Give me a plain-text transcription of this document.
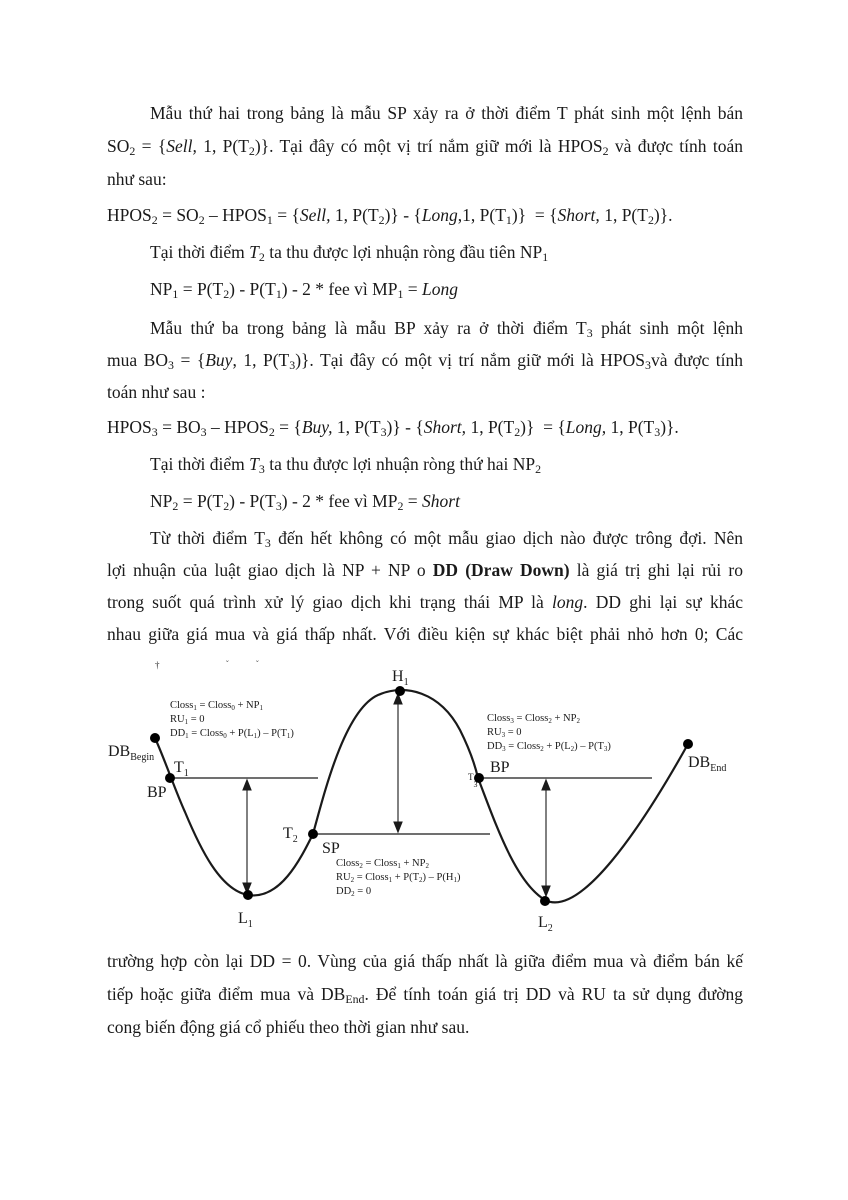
Mẫu thứ hai trong bảng là mẫu SP xảy ra ở thời điểm T phát sinh một lệnh bán
$SO_2$ = {Sell, 1, $P(T_2)$}. Tại đây có một vị trí nắm giữ mới là $HPOS_2$ và được tính toán
như sau:
$HPOS_2 = SO_2$ – $HPOS_1$ = {Sell, 1, $P(T_2)$} - {Long,1, $P(T_1)$}  = {Short, 1, $P(T_2)$}.
Tại thời điểm $T_2$ ta thu được lợi nhuận ròng đầu tiên $NP_1$
$NP_1 = P(T_2) - P(T_1) - 2$ * fee vì $MP_1$ = Long
Mẫu thứ ba trong bảng là mẫu BP xảy ra ở thời điểm $T_3$ phát sinh một lệnh
mua $BO_3 = \{Buy$, 1, $P(T_3)$}. Tại đây có một vị trí nắm giữ mới là $HPOS_3và$ được tính
toán như sau :
$HPOS_3 = BO_3$ – $HPOS_2 = \{Buy$, 1, $P(T_3)$} - {Short, 1, $P(T_2)$}  = {Long, 1, $P(T_3)$}.
Tại thời điểm $T_3$ ta thu được lợi nhuận ròng thứ hai $NP_2$
$NP_2 = P(T_2) - P(T_3) - 2$ * fee vì $MP_2$ = Short
Từ thời điểm $T_3$ đến hết không có một mẫu giao dịch nào được trông đợi. Nên
lợi nhuận của luật giao dịch là NP + NP o DD (Draw Down) là giá trị ghi lại rủi ro
trong suốt quá trình xử lý giao dịch khi trạng thái MP là long. DD ghi lại sự khác
nhau giữa giá mua và giá thấp nhất. Với điều kiện sự khác biệt phải nhỏ hơn 0; Các
†	˘	˘
$DB_{Begin}$
$T_1$
BP
$T_2$
SP
$H_1$
$L_1$
T3
BP
$L_2$
$DB_{End}$
Closs1 = Closs0 + NP1
RU1 = 0
DD1 = Closs0 + P(L1) – P(T1)
Closs2 = Closs1 + NP2
RU2 = Closs1 + P(T2) – P(H1)
DD2 = 0
Closs3 = Closs2 + NP2
RU3 = 0
DD3 = Closs2 + P(L2) – P(T3)
trường hợp còn lại DD = 0. Vùng của giá thấp nhất là giữa điểm mua và điểm bán kế
tiếp hoặc giữa điểm mua và $DB_{End}$. Để tính toán giá trị DD và RU ta sử dụng đường
cong biến động giá cổ phiếu theo thời gian như sau.
